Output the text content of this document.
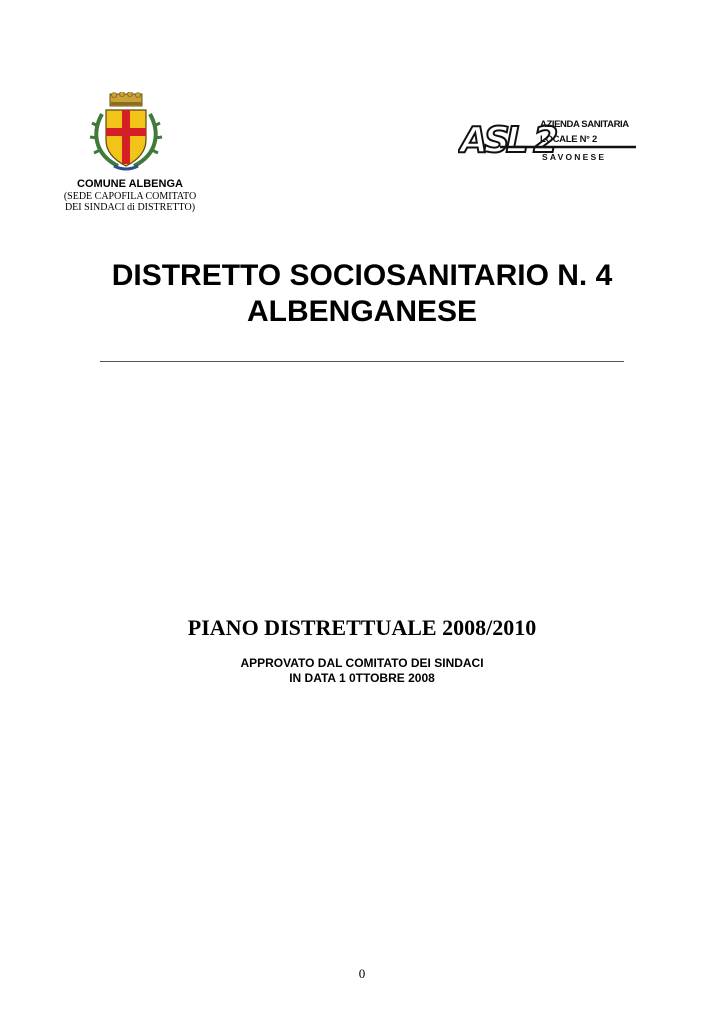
COMUNE ALBENGA
(SEDE CAPOFILA COMITATO
DEI SINDACI di DISTRETTO)
ASL 2
AZIENDA SANITARIA
LOCALE N° 2
SAVONESE
DISTRETTO SOCIOSANITARIO N. 4
ALBENGANESE
PIANO DISTRETTUALE 2008/2010
APPROVATO DAL COMITATO DEI SINDACI
IN DATA 1 0TTOBRE 2008
0
